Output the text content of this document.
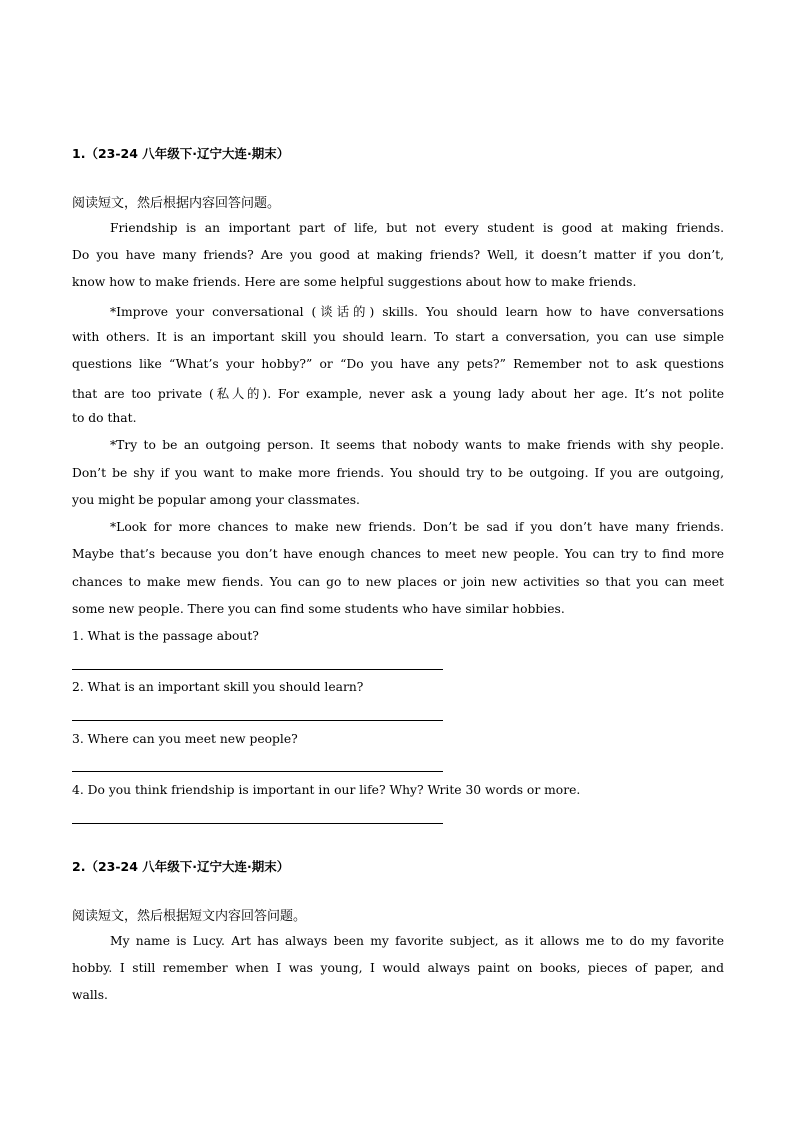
1.（23-24 八年级下·辽宁大连·期末）
阅读短文，然后根据内容回答问题。
Friendship is an important part of life, but not every student is good at making friends.
Do you have many friends? Are you good at making friends? Well, it doesn’t matter if you don’t,
know how to make friends. Here are some helpful suggestions about how to make friends.
*Improve your conversational (谈话的) skills. You should learn how to have conversations
with others. It is an important skill you should learn. To start a conversation, you can use simple
questions like “What’s your hobby?” or “Do you have any pets?” Remember not to ask questions
that are too private (私人的). For example, never ask a young lady about her age. It’s not polite
to do that.
*Try to be an outgoing person. It seems that nobody wants to make friends with shy people.
Don’t be shy if you want to make more friends. You should try to be outgoing. If you are outgoing,
you might be popular among your classmates.
*Look for more chances to make new friends. Don’t be sad if you don’t have many friends.
Maybe that’s because you don’t have enough chances to meet new people. You can try to find more
chances to make mew fiends. You can go to new places or join new activities so that you can meet
some new people. There you can find some students who have similar hobbies.
1. What is the passage about?
2. What is an important skill you should learn?
3. Where can you meet new people?
4. Do you think friendship is important in our life? Why? Write 30 words or more.
2.（23-24 八年级下·辽宁大连·期末）
阅读短文，然后根据短文内容回答问题。
My name is Lucy. Art has always been my favorite subject, as it allows me to do my favorite
hobby. I still remember when I was young, I would always paint on books, pieces of paper, and
walls.
